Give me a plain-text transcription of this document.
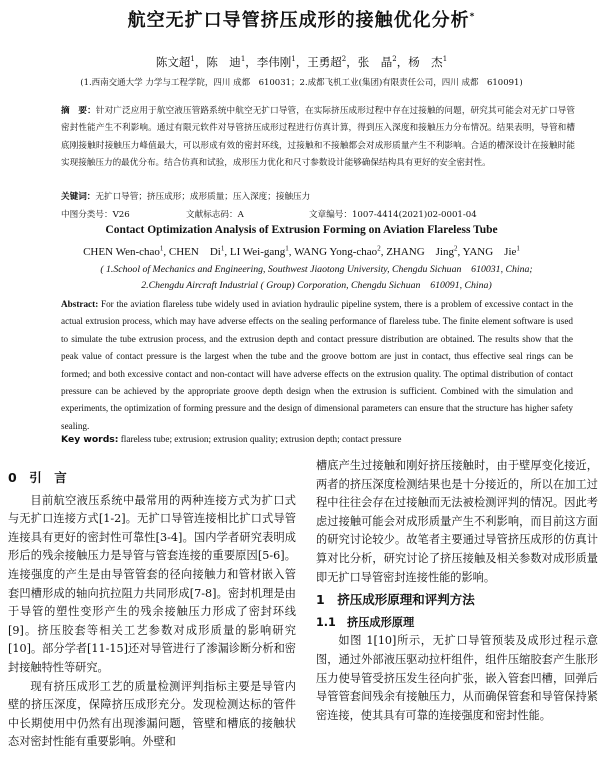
航空无扩口导管挤压成形的接触优化分析*
陈文超$^1$，陈　迪$^1$，李伟刚$^1$，王勇超$^2$，张　晶$^2$，杨　杰$^1$
(1.西南交通大学 力学与工程学院，四川 成都　610031；2.成都飞机工业(集团)有限责任公司，四川 成都　610091)
摘　要：针对广泛应用于航空液压管路系统中航空无扩口导管，在实际挤压成形过程中存在过接触的问题，研究其可能会对无扩口导管密封性能产生不利影响。通过有限元软件对导管挤压成形过程进行仿真计算，得到压入深度和接触压力分布情况。结果表明，导管和槽底刚接触时接触压力峰值最大，可以形成有效的密封环线，过接触和不接触都会对成形质量产生不利影响。合适的槽深设计在接触时能实现接触压力的最优分布。结合仿真和试验，成形压力优化和尺寸参数设计能够确保结构具有更好的安全密封性。
关键词：无扩口导管；挤压成形；成形质量；压入深度；接触压力
中图分类号：V26	文献标志码：A	文章编号：1007-4414(2021)02-0001-04
Contact Optimization Analysis of Extrusion Forming on Aviation Flareless Tube
CHEN Wen-chao$^1$, CHEN　Di$^1$, LI Wei-gang$^1$, WANG Yong-chao$^2$, ZHANG　Jing$^2$, YANG　Jie$^1$
( 1.School of Mechanics and Engineering, Southwest Jiaotong University, Chengdu Sichuan　610031, China;
2.Chengdu Aircraft Industrial ( Group) Corporation, Chengdu Sichuan　610091, China)
Abstract: For the aviation flareless tube widely used in aviation hydraulic pipeline system, there is a problem of excessive contact in the actual extrusion process, which may have adverse effects on the sealing performance of flareless tube. The finite element software is used to simulate the tube extrusion process, and the extrusion depth and contact pressure distribution are obtained. The results show that the peak value of contact pressure is the largest when the tube and the groove bottom are just in contact, thus effective seal rings can be formed; and both excessive contact and non-contact will have adverse effects on the extrusion quality. The optimal distribution of contact pressure can be achieved by the appropriate groove depth design when the extrusion is sufficient. Combined with the simulation and experiments, the optimization of forming pressure and the design of dimensional parameters can ensure that the structure has higher safety sealing.
Key words: flareless tube; extrusion; extrusion quality; extrusion depth; contact pressure
0　引　言

目前航空液压系统中最常用的两种连接方式为扩口式与无扩口连接方式[1-2]。无扩口导管连接相比扩口式导管连接具有更好的密封性可靠性[3-4]。国内学者研究表明成形后的残余接触压力是导管与管套连接的重要原因[5-6]。连接强度的产生是由导管管套的径向接触力和管材嵌入管套凹槽形成的轴向抗拉阻力共同形成[7-8]。密封机理是由于导管的塑性变形产生的残余接触压力形成了密封环线[9]。挤压胶套等相关工艺参数对成形质量的影响研究[10]。部分学者[11-15]还对导管进行了渗漏诊断分析和密封接触特性等研究。

现有挤压成形工艺的质量检测评判指标主要是导管内壁的挤压深度，保障挤压成形充分。发现检测达标的管件中长期使用中仍然有出现渗漏问题，管壁和槽底的接触状态对密封性能有重要影响。外壁和

槽底产生过接触和刚好挤压接触时，由于壁厚变化接近，两者的挤压深度检测结果也是十分接近的，所以在加工过程中往往会存在过接触而无法被检测评判的情况。因此考虑过接触可能会对成形质量产生不利影响，而目前这方面的研究讨论较少。故笔者主要通过导管挤压成形的仿真计算对比分析，研究讨论了挤压接触及相关参数对成形质量即无扩口导管密封连接性能的影响。

1　挤压成形原理和评判方法
1.1　挤压成形原理

如图 1[10]所示，无扩口导管预装及成形过程示意图，通过外部液压驱动拉杆组件，组件压缩胶套产生胀形压力使导管受挤压发生径向扩张，嵌入管套凹槽，回弹后导管管套间残余有接触压力，从而确保管套和导管保持紧密连接，使其具有可靠的连接强度和密封性能。
